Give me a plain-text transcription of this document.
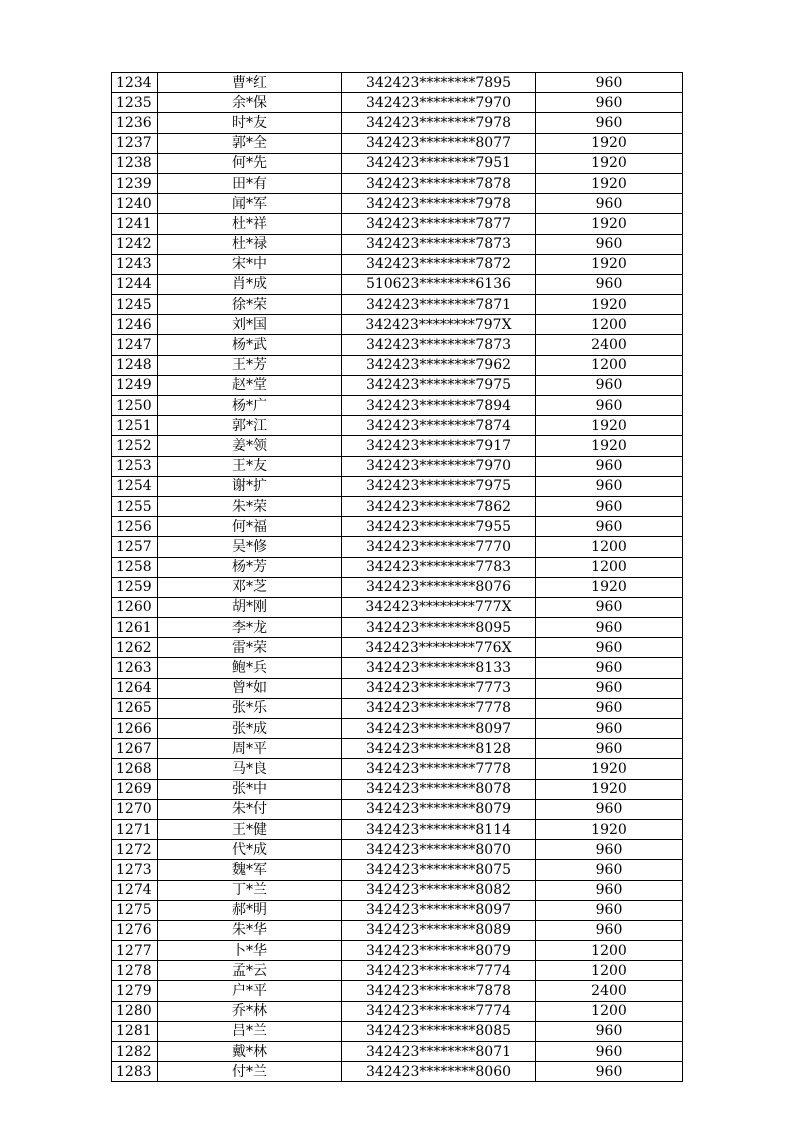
1234	曹*红	342423********7895	960
1235	余*保	342423********7970	960
1236	时*友	342423********7978	960
1237	郭*全	342423********8077	1920
1238	何*先	342423********7951	1920
1239	田*有	342423********7878	1920
1240	闻*军	342423********7978	960
1241	杜*祥	342423********7877	1920
1242	杜*禄	342423********7873	960
1243	宋*中	342423********7872	1920
1244	肖*成	510623********6136	960
1245	徐*荣	342423********7871	1920
1246	刘*国	342423********797X	1200
1247	杨*武	342423********7873	2400
1248	王*芳	342423********7962	1200
1249	赵*堂	342423********7975	960
1250	杨*广	342423********7894	960
1251	郭*江	342423********7874	1920
1252	姜*领	342423********7917	1920
1253	王*友	342423********7970	960
1254	谢*扩	342423********7975	960
1255	朱*荣	342423********7862	960
1256	何*福	342423********7955	960
1257	吴*修	342423********7770	1200
1258	杨*芳	342423********7783	1200
1259	邓*芝	342423********8076	1920
1260	胡*刚	342423********777X	960
1261	李*龙	342423********8095	960
1262	雷*荣	342423********776X	960
1263	鲍*兵	342423********8133	960
1264	曾*如	342423********7773	960
1265	张*乐	342423********7778	960
1266	张*成	342423********8097	960
1267	周*平	342423********8128	960
1268	马*良	342423********7778	1920
1269	张*中	342423********8078	1920
1270	朱*付	342423********8079	960
1271	王*健	342423********8114	1920
1272	代*成	342423********8070	960
1273	魏*军	342423********8075	960
1274	丁*兰	342423********8082	960
1275	郝*明	342423********8097	960
1276	朱*华	342423********8089	960
1277	卜*华	342423********8079	1200
1278	孟*云	342423********7774	1200
1279	户*平	342423********7878	2400
1280	乔*林	342423********7774	1200
1281	吕*兰	342423********8085	960
1282	戴*林	342423********8071	960
1283	付*兰	342423********8060	960
